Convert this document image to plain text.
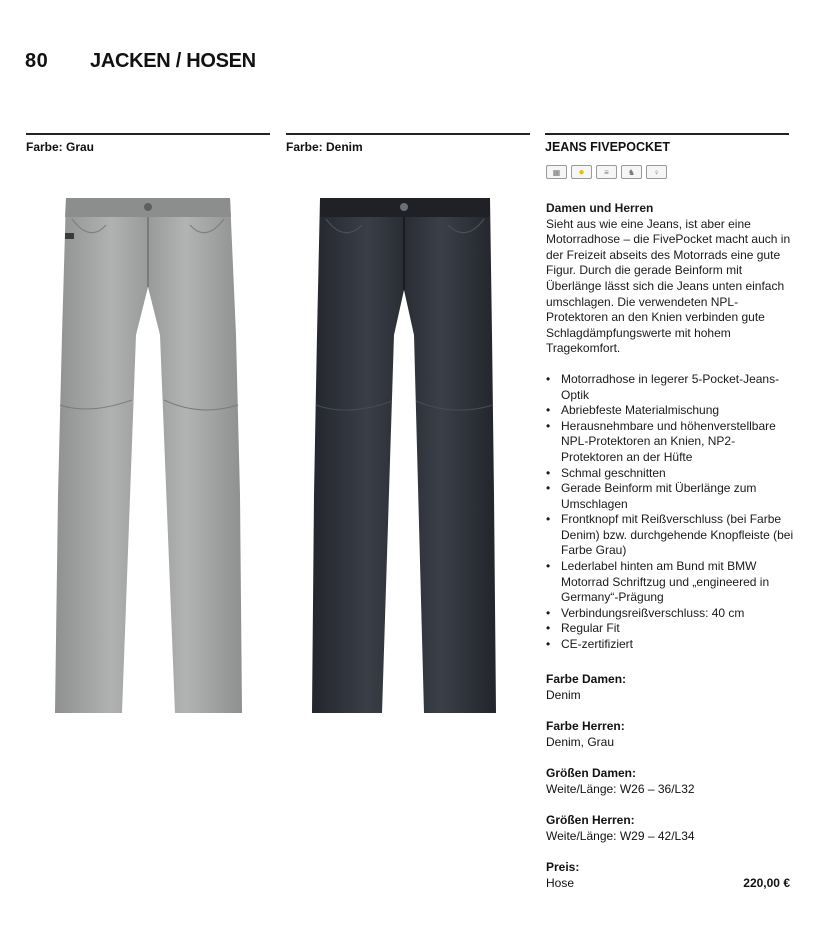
80 JACKEN / HOSEN
Farbe: Grau	Farbe: Denim	JEANS FIVEPOCKET
▦	●	≡	♞	♀

Damen und Herren

Sieht aus wie eine Jeans, ist aber eine Motorradhose – die FivePocket macht auch in der Freizeit abseits des Motorrads eine gute Figur. Durch die gerade Beinform mit Überlänge lässt sich die Jeans unten einfach umschlagen. Die verwendeten NPL-Protektoren an den Knien verbinden gute Schlagdämpfungswerte mit hohem Tragekomfort.

• Motorradhose in legerer 5-Pocket-Jeans-Optik
• Abriebfeste Materialmischung
• Herausnehmbare und höhenverstellbare NPL-Protektoren an Knien, NP2-Protektoren an der Hüfte
• Schmal geschnitten
• Gerade Beinform mit Überlänge zum Umschlagen
• Frontknopf mit Reißverschluss (bei Farbe Denim) bzw. durchgehende Knopfleiste (bei Farbe Grau)
• Lederlabel hinten am Bund mit BMW Motorrad Schriftzug und „engineered in Germany“-Prägung
• Verbindungsreißverschluss: 40 cm
• Regular Fit
• CE-zertifiziert
Farbe Damen:
Denim
Farbe Herren:
Denim, Grau
Größen Damen:
Weite/Länge: W26 – 36/L32
Größen Herren:
Weite/Länge: W29 – 42/L34
Preis:
Hose	220,00 €
